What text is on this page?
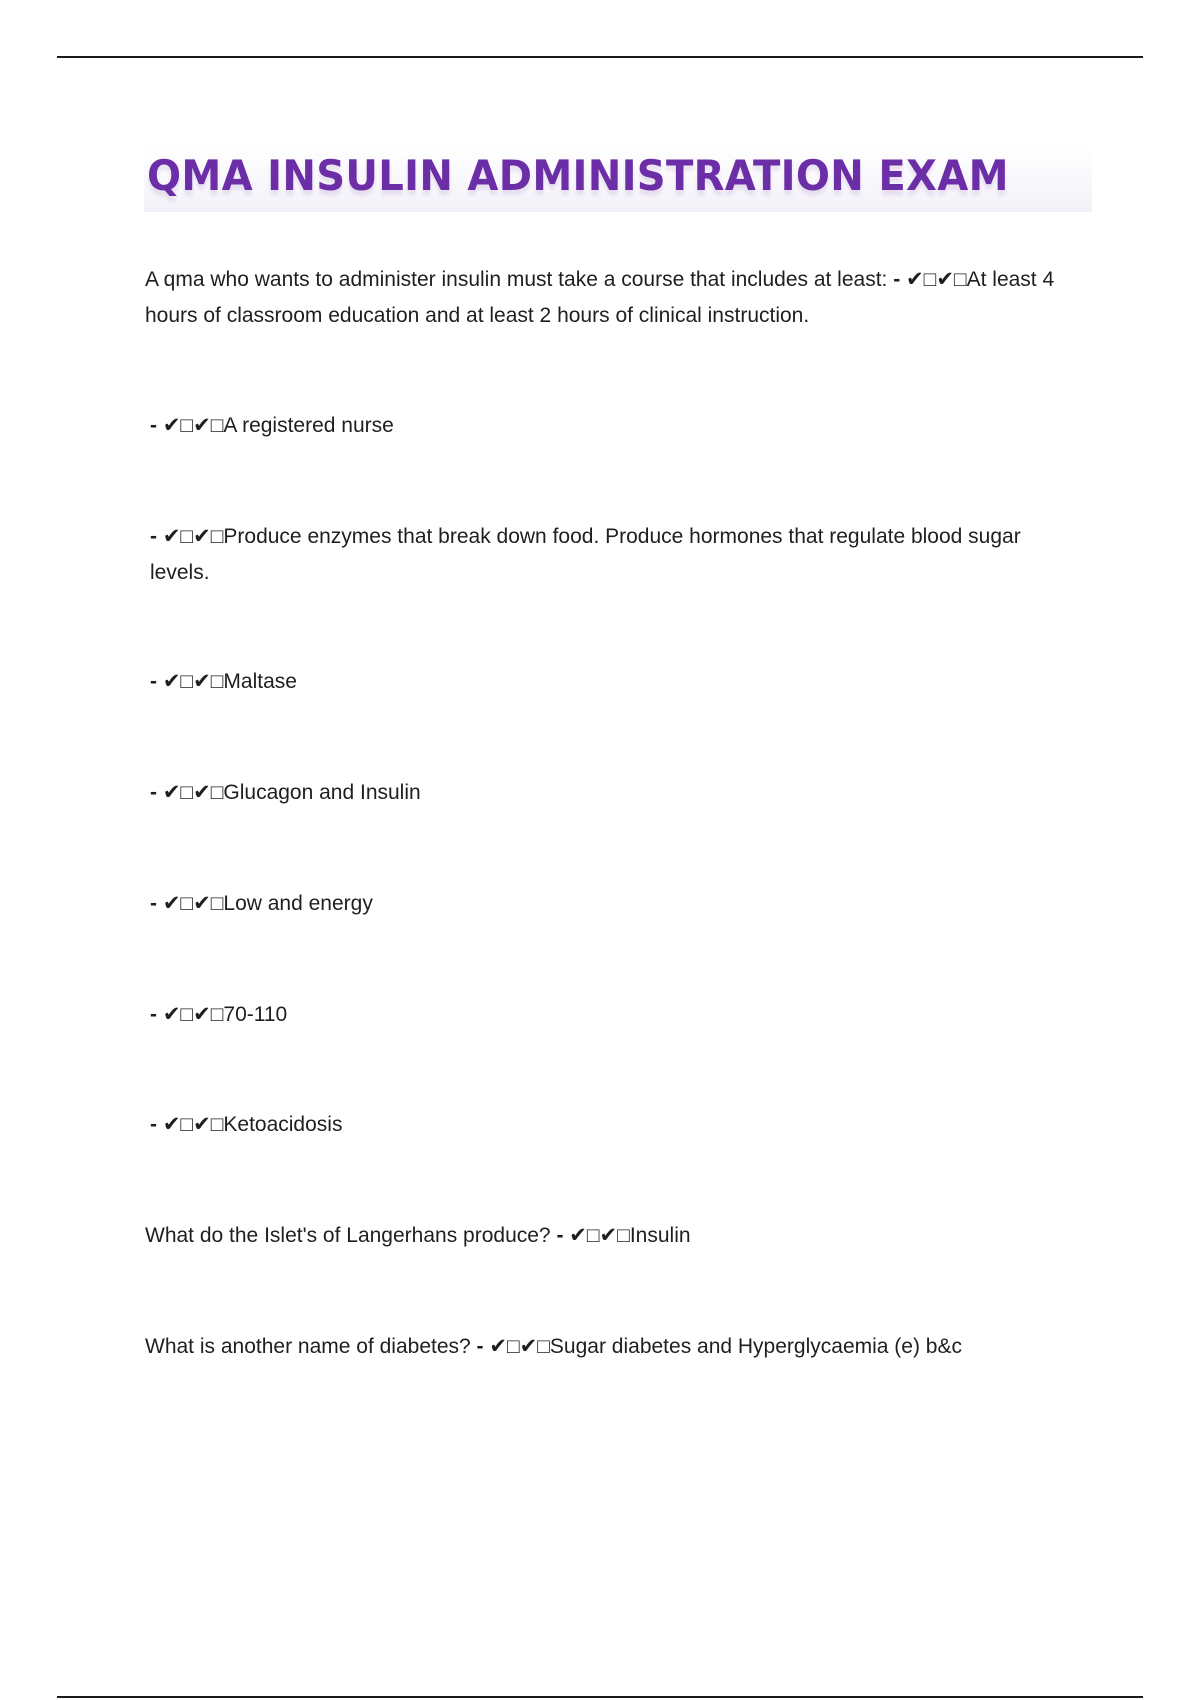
QMA INSULIN ADMINISTRATION EXAM

A qma who wants to administer insulin must take a course that includes at least: - ✔︎□✔︎□At least 4 hours of classroom education and at least 2 hours of clinical instruction.

- ✔︎□✔︎□A registered nurse

- ✔︎□✔︎□Produce enzymes that break down food. Produce hormones that regulate blood sugar levels.

- ✔︎□✔︎□Maltase

- ✔︎□✔︎□Glucagon and Insulin

- ✔︎□✔︎□Low and energy

- ✔︎□✔︎□70-110

- ✔︎□✔︎□Ketoacidosis

What do the Islet's of Langerhans produce? - ✔︎□✔︎□Insulin

What is another name of diabetes? - ✔︎□✔︎□Sugar diabetes and Hyperglycaemia (e) b&c
